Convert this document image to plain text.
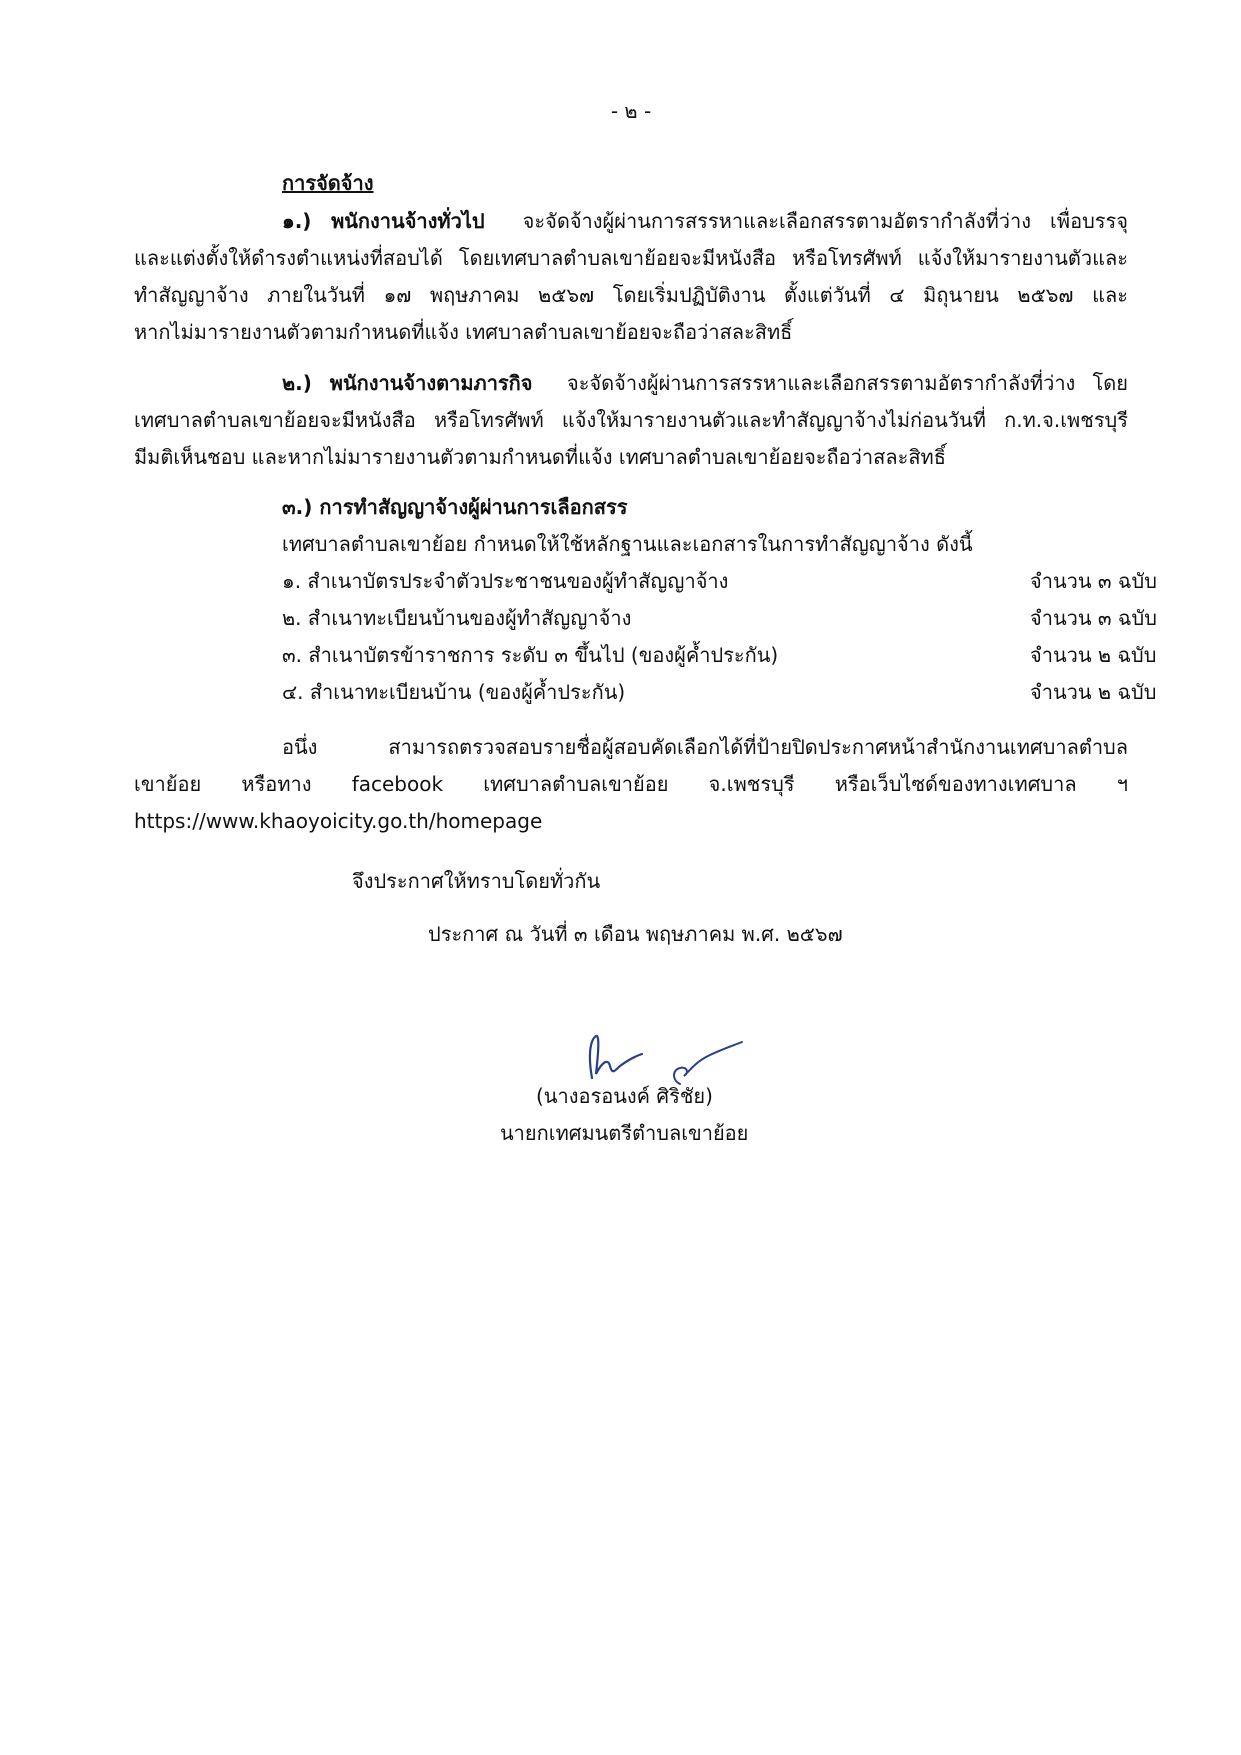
- ๒ -
การจัดจ้าง
๑.) พนักงานจ้างทั่วไป จะจัดจ้างผู้ผ่านการสรรหาและเลือกสรรตามอัตรากำลังที่ว่าง เพื่อบรรจุ
และแต่งตั้งให้ดำรงตำแหน่งที่สอบได้ โดยเทศบาลตำบลเขาย้อยจะมีหนังสือ หรือโทรศัพท์ แจ้งให้มารายงานตัวและ
ทำสัญญาจ้าง ภายในวันที่ ๑๗ พฤษภาคม ๒๕๖๗ โดยเริ่มปฏิบัติงาน ตั้งแต่วันที่ ๔ มิถุนายน ๒๕๖๗ และ
หากไม่มารายงานตัวตามกำหนดที่แจ้ง เทศบาลตำบลเขาย้อยจะถือว่าสละสิทธิ์
๒.) พนักงานจ้างตามภารกิจ จะจัดจ้างผู้ผ่านการสรรหาและเลือกสรรตามอัตรากำลังที่ว่าง โดย
เทศบาลตำบลเขาย้อยจะมีหนังสือ หรือโทรศัพท์ แจ้งให้มารายงานตัวและทำสัญญาจ้างไม่ก่อนวันที่ ก.ท.จ.เพชรบุรี
มีมติเห็นชอบ และหากไม่มารายงานตัวตามกำหนดที่แจ้ง เทศบาลตำบลเขาย้อยจะถือว่าสละสิทธิ์
๓.) การทำสัญญาจ้างผู้ผ่านการเลือกสรร
เทศบาลตำบลเขาย้อย กำหนดให้ใช้หลักฐานและเอกสารในการทำสัญญาจ้าง ดังนี้
๑. สำเนาบัตรประจำตัวประชาชนของผู้ทำสัญญาจ้าง	จำนวน ๓ ฉบับ
๒. สำเนาทะเบียนบ้านของผู้ทำสัญญาจ้าง	จำนวน ๓ ฉบับ
๓. สำเนาบัตรข้าราชการ ระดับ ๓ ขึ้นไป (ของผู้ค้ำประกัน)	จำนวน ๒ ฉบับ
๔. สำเนาทะเบียนบ้าน (ของผู้ค้ำประกัน)	จำนวน ๒ ฉบับ
อนึ่ง สามารถตรวจสอบรายชื่อผู้สอบคัดเลือกได้ที่ป้ายปิดประกาศหน้าสำนักงานเทศบาลตำบล
เขาย้อย หรือทาง facebook เทศบาลตำบลเขาย้อย จ.เพชรบุรี หรือเว็บไซด์ของทางเทศบาล ฯ
https://www.khaoyoicity.go.th/homepage
จึงประกาศให้ทราบโดยทั่วกัน
ประกาศ ณ วันที่ ๓ เดือน พฤษภาคม พ.ศ. ๒๕๖๗
(นางอรอนงค์ ศิริชัย)
นายกเทศมนตรีตำบลเขาย้อย
